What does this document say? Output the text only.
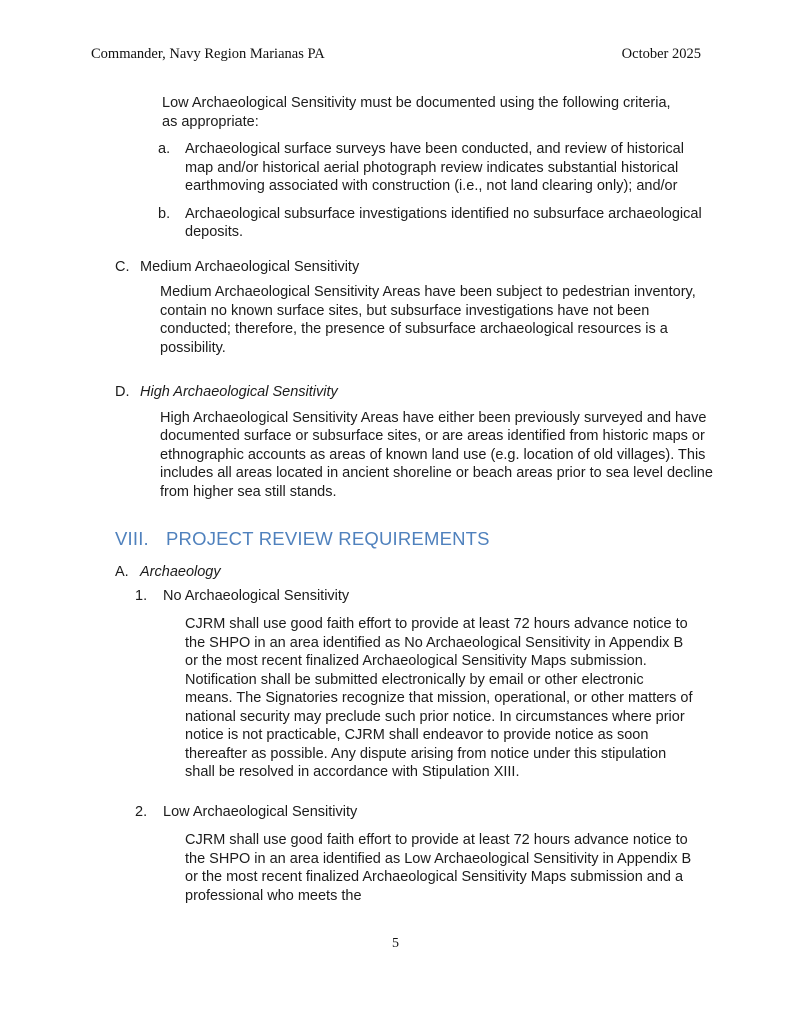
Commander, Navy Region Marianas PA	October 2025

Low Archaeological Sensitivity must be documented using the following criteria, as appropriate:

a.	Archaeological surface surveys have been conducted, and review of historical map and/or historical aerial photograph review indicates substantial historical earthmoving associated with construction (i.e., not land clearing only); and/or

b.	Archaeological subsurface investigations identified no subsurface archaeological deposits.

C. Medium Archaeological Sensitivity

Medium Archaeological Sensitivity Areas have been subject to pedestrian inventory, contain no known surface sites, but subsurface investigations have not been conducted; therefore, the presence of subsurface archaeological resources is a possibility.

D. High Archaeological Sensitivity

High Archaeological Sensitivity Areas have either been previously surveyed and have documented surface or subsurface sites, or are areas identified from historic maps or ethnographic accounts as areas of known land use (e.g. location of old villages). This includes all areas located in ancient shoreline or beach areas prior to sea level decline from higher sea still stands.

VIII. PROJECT REVIEW REQUIREMENTS
A. Archaeology
1.	No Archaeological Sensitivity

CJRM shall use good faith effort to provide at least 72 hours advance notice to the SHPO in an area identified as No Archaeological Sensitivity in Appendix B or the most recent finalized Archaeological Sensitivity Maps submission. Notification shall be submitted electronically by email or other electronic means. The Signatories recognize that mission, operational, or other matters of national security may preclude such prior notice. In circumstances where prior notice is not practicable, CJRM shall endeavor to provide notice as soon thereafter as possible. Any dispute arising from notice under this stipulation shall be resolved in accordance with Stipulation XIII.

2.	Low Archaeological Sensitivity

CJRM shall use good faith effort to provide at least 72 hours advance notice to the SHPO in an area identified as Low Archaeological Sensitivity in Appendix B or the most recent finalized Archaeological Sensitivity Maps submission and a professional who meets the

5
